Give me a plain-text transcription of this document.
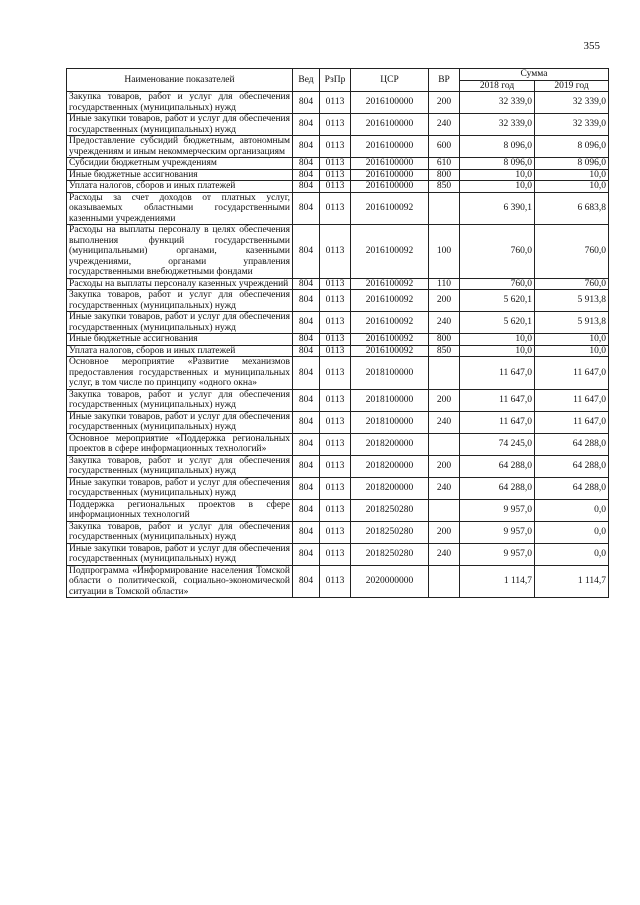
355
Наименование показателей	Вед	РзПр	ЦСР	ВР	Сумма	
					2018 год	2019 год
Закупка товаров, работ и услуг для обеспечения государственных (муниципальных) нужд	804	0113	2016100000	200	32 339,0	32 339,0
Иные закупки товаров, работ и услуг для обеспечения государственных (муниципальных) нужд	804	0113	2016100000	240	32 339,0	32 339,0
Предоставление субсидий бюджетным, автономным учреждениям и иным некоммерческим организациям	804	0113	2016100000	600	8 096,0	8 096,0
Субсидии бюджетным учреждениям	804	0113	2016100000	610	8 096,0	8 096,0
Иные бюджетные ассигнования	804	0113	2016100000	800	10,0	10,0
Уплата налогов, сборов и иных платежей	804	0113	2016100000	850	10,0	10,0
Расходы за счет доходов от платных услуг, оказываемых областными государственными казенными учреждениями	804	0113	2016100092		6 390,1	6 683,8
Расходы на выплаты персоналу в целях обеспечения выполнения функций государственными (муниципальными) органами, казенными учреждениями, органами управления государственными внебюджетными фондами	804	0113	2016100092	100	760,0	760,0
Расходы на выплаты персоналу казенных учреждений	804	0113	2016100092	110	760,0	760,0
Закупка товаров, работ и услуг для обеспечения государственных (муниципальных) нужд	804	0113	2016100092	200	5 620,1	5 913,8
Иные закупки товаров, работ и услуг для обеспечения государственных (муниципальных) нужд	804	0113	2016100092	240	5 620,1	5 913,8
Иные бюджетные ассигнования	804	0113	2016100092	800	10,0	10,0
Уплата налогов, сборов и иных платежей	804	0113	2016100092	850	10,0	10,0
Основное мероприятие «Развитие механизмов предоставления государственных и муниципальных услуг, в том числе по принципу «одного окна»	804	0113	2018100000		11 647,0	11 647,0
Закупка товаров, работ и услуг для обеспечения государственных (муниципальных) нужд	804	0113	2018100000	200	11 647,0	11 647,0
Иные закупки товаров, работ и услуг для обеспечения государственных (муниципальных) нужд	804	0113	2018100000	240	11 647,0	11 647,0
Основное мероприятие «Поддержка региональных проектов в сфере информационных технологий»	804	0113	2018200000		74 245,0	64 288,0
Закупка товаров, работ и услуг для обеспечения государственных (муниципальных) нужд	804	0113	2018200000	200	64 288,0	64 288,0
Иные закупки товаров, работ и услуг для обеспечения государственных (муниципальных) нужд	804	0113	2018200000	240	64 288,0	64 288,0
Поддержка региональных проектов в сфере информационных технологий	804	0113	2018250280		9 957,0	0,0
Закупка товаров, работ и услуг для обеспечения государственных (муниципальных) нужд	804	0113	2018250280	200	9 957,0	0,0
Иные закупки товаров, работ и услуг для обеспечения государственных (муниципальных) нужд	804	0113	2018250280	240	9 957,0	0,0
Подпрограмма «Информирование населения Томской области о политической, социально-экономической ситуации в Томской области»	804	0113	2020000000		1 114,7	1 114,7
